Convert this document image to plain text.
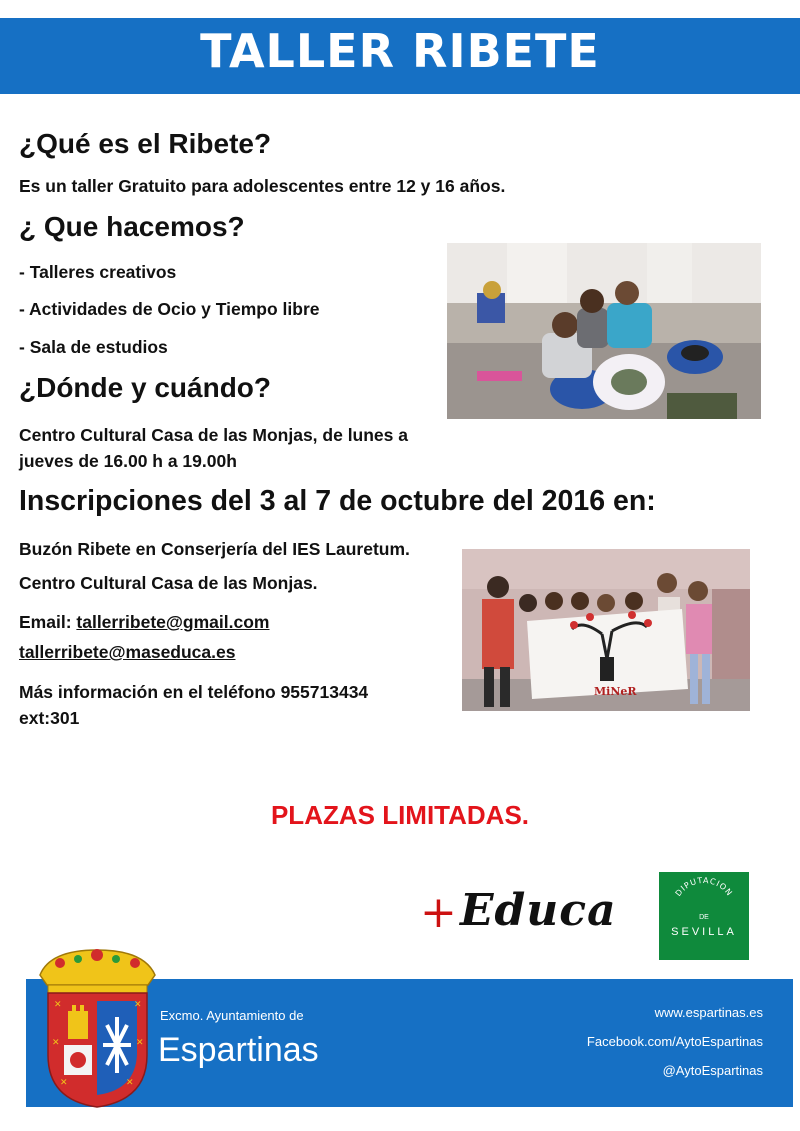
TALLER RIBETE

¿Qué es el Ribete?

Es un taller Gratuito para adolescentes entre 12 y 16 años.

¿ Que hacemos?

- Talleres creativos

- Actividades de Ocio y Tiempo libre

- Sala de estudios

¿Dónde y cuándo?

Centro Cultural Casa de las Monjas, de lunes a

jueves de 16.00 h a 19.00h

Inscripciones del 3 al 7 de octubre del 2016 en:

Buzón Ribete en Conserjería del IES Lauretum.

Centro Cultural Casa de las Monjas.

Email: tallerribete@gmail.com

tallerribete@maseduca.es

Más información en el teléfono 955713434

ext:301

MiNeR

PLAZAS LIMITADAS.

+ Educa	DIPUTACION
DE
SEVILLA
Excmo. Ayuntamiento de
Espartinas
www.espartinas.es
Facebook.com/AytoEspartinas
@AytoEspartinas
✕	✕
✕	✕
✕	✕
